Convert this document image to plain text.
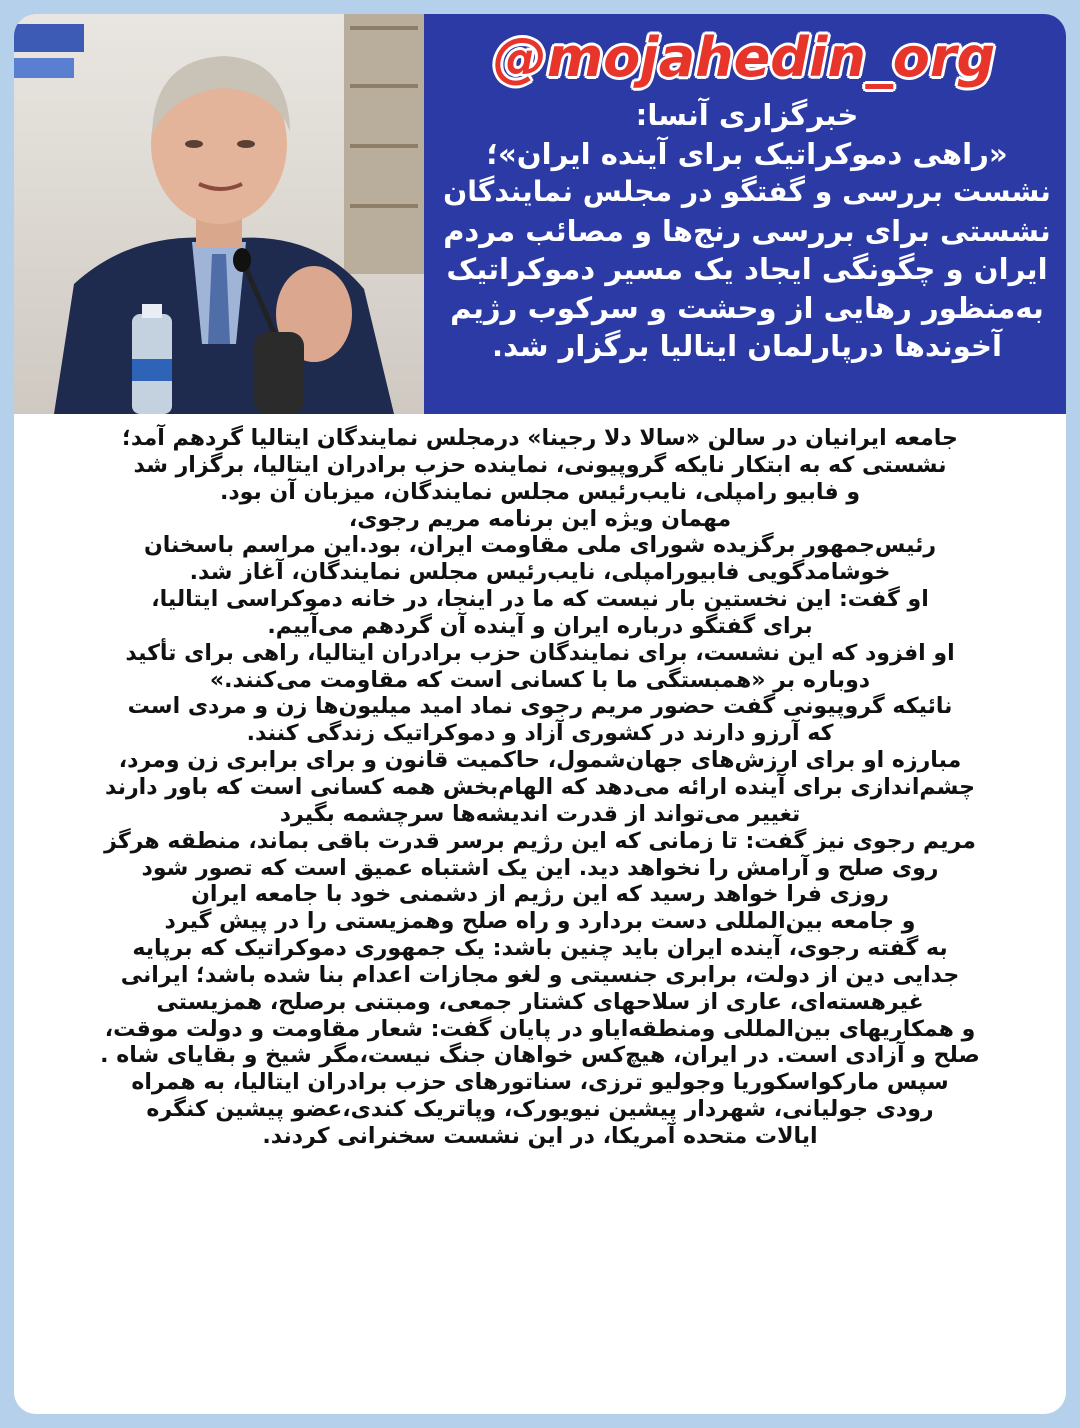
@mojahedin_org
خبرگزاری آنسا:
«راهی دموکراتیک برای آینده ایران»؛
نشست بررسی و گفتگو در مجلس نمایندگان
نشستی برای بررسی رنج‌ها و مصائب مردم
ایران و چگونگی ایجاد یک مسیر دموکراتیک
به‌منظور رهایی از وحشت و سرکوب رژیم
آخوندها درپارلمان ایتالیا برگزار شد.
جامعه ایرانیان در سالن «سالا دلا رجینا» درمجلس نمایندگان ایتالیا گردهم آمد؛
نشستی که به ابتکار نایکه گروپیونی، نماینده حزب برادران ایتالیا، برگزار شد
و فابیو رامپلی، نایب‌رئیس مجلس نمایندگان، میزبان آن بود.
مهمان ویژه این برنامه مریم رجوی،
رئیس‌جمهور برگزیده شورای ملی مقاومت ایران، بود.این مراسم باسخنان
خوشامدگویی فابیورامپلی، نایب‌رئیس مجلس نمایندگان، آغاز شد.
او گفت: این نخستین بار نیست که ما در اینجا، در خانه دموکراسی ایتالیا،
برای گفتگو درباره ایران و آینده آن گردهم می‌آییم.
او افزود که این نشست، برای نمایندگان حزب برادران ایتالیا، راهی برای تأکید
دوباره بر «همبستگی ما با کسانی است که مقاومت می‌کنند.»
نائیکه گروپیونی گفت حضور مریم رجوی نماد امید میلیون‌ها زن و مردی است
که آرزو دارند در کشوری آزاد و دموکراتیک زندگی کنند.
مبارزه او برای ارزش‌های جهان‌شمول، حاکمیت قانون و برای برابری زن ومرد،
چشم‌اندازی برای آینده ارائه می‌دهد که الهام‌بخش همه کسانی است که باور دارند
تغییر می‌تواند از قدرت اندیشه‌ها سرچشمه بگیرد
مریم رجوی نیز گفت: تا زمانی که این رژیم برسر قدرت باقی بماند، منطقه هرگز
روی صلح و آرامش را نخواهد دید. این یک اشتباه عمیق است که تصور شود
روزی فرا خواهد رسید که این رژیم از دشمنی خود با جامعه ایران
و جامعه بین‌المللی دست بردارد و راه صلح وهمزیستی را در پیش گیرد
به گفته رجوی، آینده ایران باید چنین باشد: یک جمهوری دموکراتیک که برپایه
جدایی دین از دولت، برابری جنسیتی و لغو مجازات اعدام بنا شده باشد؛ ایرانی
غیرهسته‌ای، عاری از سلاحهای کشتار جمعی، ومبتنی برصلح، همزیستی
و همکاریهای بین‌المللی ومنطقه‌ایاو در پایان گفت: شعار مقاومت و دولت موقت،
صلح و آزادی است. در ایران، هیچ‌کس خواهان جنگ نیست،مگر شیخ و بقایای شاه .
سپس مارکواسکوریا وجولیو ترزی، سناتورهای حزب برادران ایتالیا، به همراه
رودی جولیانی، شهردار پیشین نیویورک، وپاتریک کندی،عضو پیشین کنگره
ایالات متحده آمریکا، در این نشست سخنرانی کردند.
